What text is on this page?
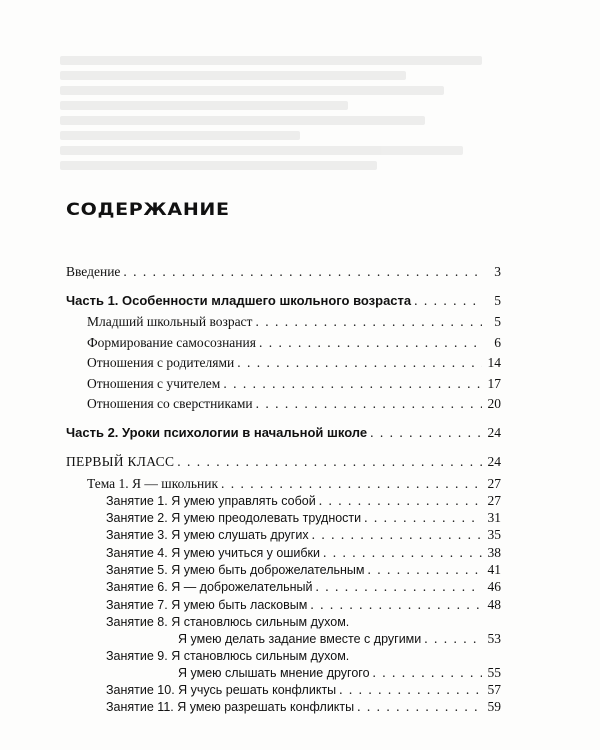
СОДЕРЖАНИЕ
Введение . . .	3
Часть 1. Особенности младшего школьного возраста . . .	5
Младший школьный возраст . . .	5
Формирование самосознания . . .	6
Отношения с родителями . . .	14
Отношения с учителем . . .	17
Отношения со сверстниками . . .	20
Часть 2. Уроки психологии в начальной школе . . .	24
ПЕРВЫЙ КЛАСС . . .	24
Тема 1. Я — школьник . . .	27
Занятие 1. Я умею управлять собой . . .	27
Занятие 2. Я умею преодолевать трудности . . .	31
Занятие 3. Я умею слушать других . . .	35
Занятие 4. Я умею учиться у ошибки . . .	38
Занятие 5. Я умею быть доброжелательным . . .	41
Занятие 6. Я — доброжелательный . . .	46
Занятие 7. Я умею быть ласковым . . .	48
Занятие 8. Я становлюсь сильным духом.
Я умею делать задание вместе с другими . . .	53
Занятие 9. Я становлюсь сильным духом.
Я умею слышать мнение другого . . .	55
Занятие 10. Я учусь решать конфликты . . .	57
Занятие 11. Я умею разрешать конфликты . . .	59
